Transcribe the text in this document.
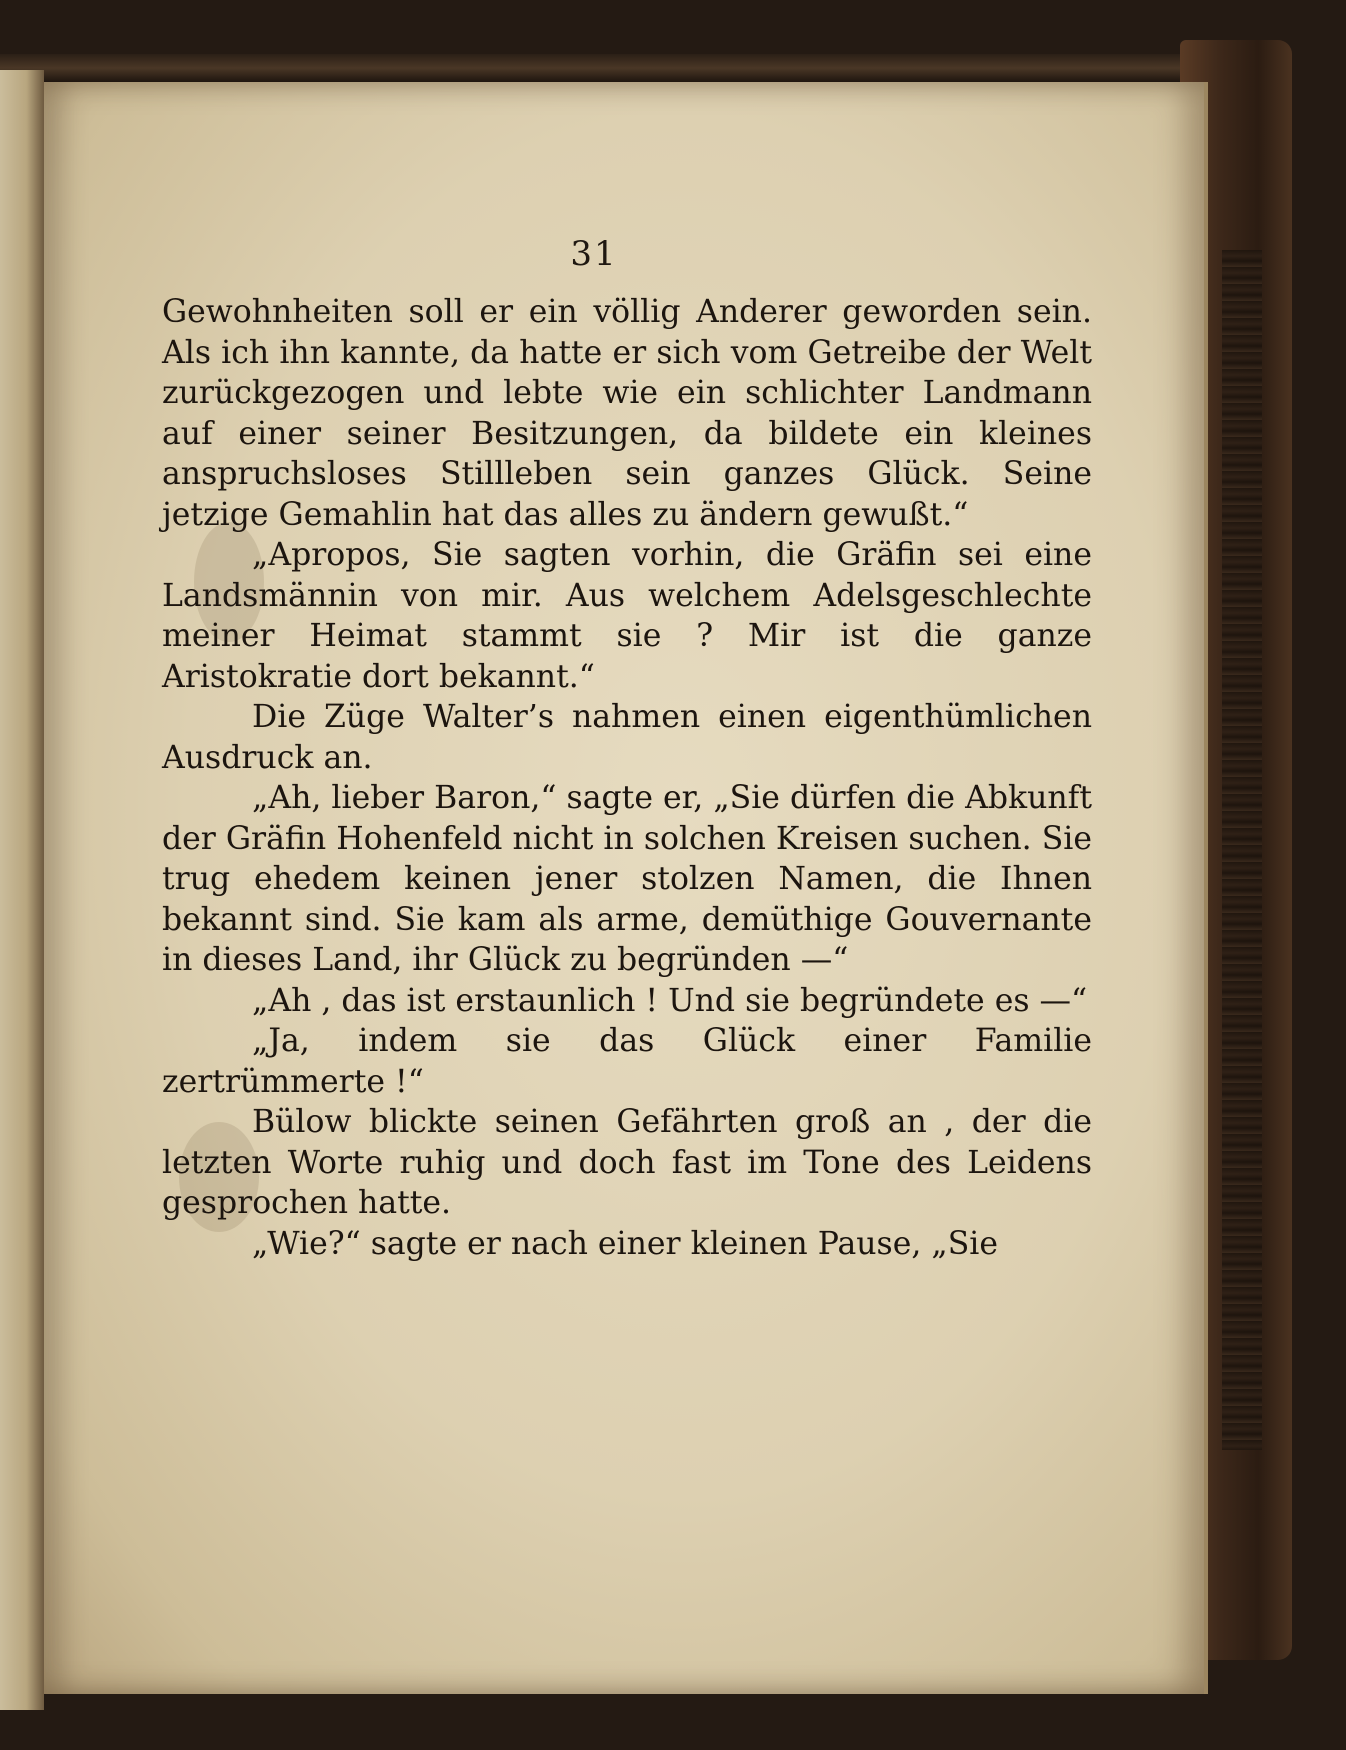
31

Gewohnheiten soll er ein völlig Anderer geworden sein. Als ich ihn kannte, da hatte er sich vom Getreibe der Welt zurückgezogen und lebte wie ein schlichter Landmann auf einer seiner Besitzungen, da bildete ein kleines anspruchsloses Stillleben sein ganzes Glück. Seine jetzige Gemahlin hat das alles zu ändern gewußt.“

„Apropos, Sie sagten vorhin, die Gräfin sei eine Landsmännin von mir. Aus welchem Adelsgeschlechte meiner Heimat stammt sie ? Mir ist die ganze Aristokratie dort bekannt.“

Die Züge Walter’s nahmen einen eigenthümlichen Ausdruck an.

„Ah, lieber Baron,“ sagte er, „Sie dürfen die Abkunft der Gräfin Hohenfeld nicht in solchen Kreisen suchen. Sie trug ehedem keinen jener stolzen Namen, die Ihnen bekannt sind. Sie kam als arme, demüthige Gouvernante in dieses Land, ihr Glück zu begründen —“

„Ah , das ist erstaunlich ! Und sie begründete es —“

„Ja, indem sie das Glück einer Familie zertrümmerte !“

Bülow blickte seinen Gefährten groß an , der die letzten Worte ruhig und doch fast im Tone des Leidens gesprochen hatte.

„Wie?“ sagte er nach einer kleinen Pause, „Sie
